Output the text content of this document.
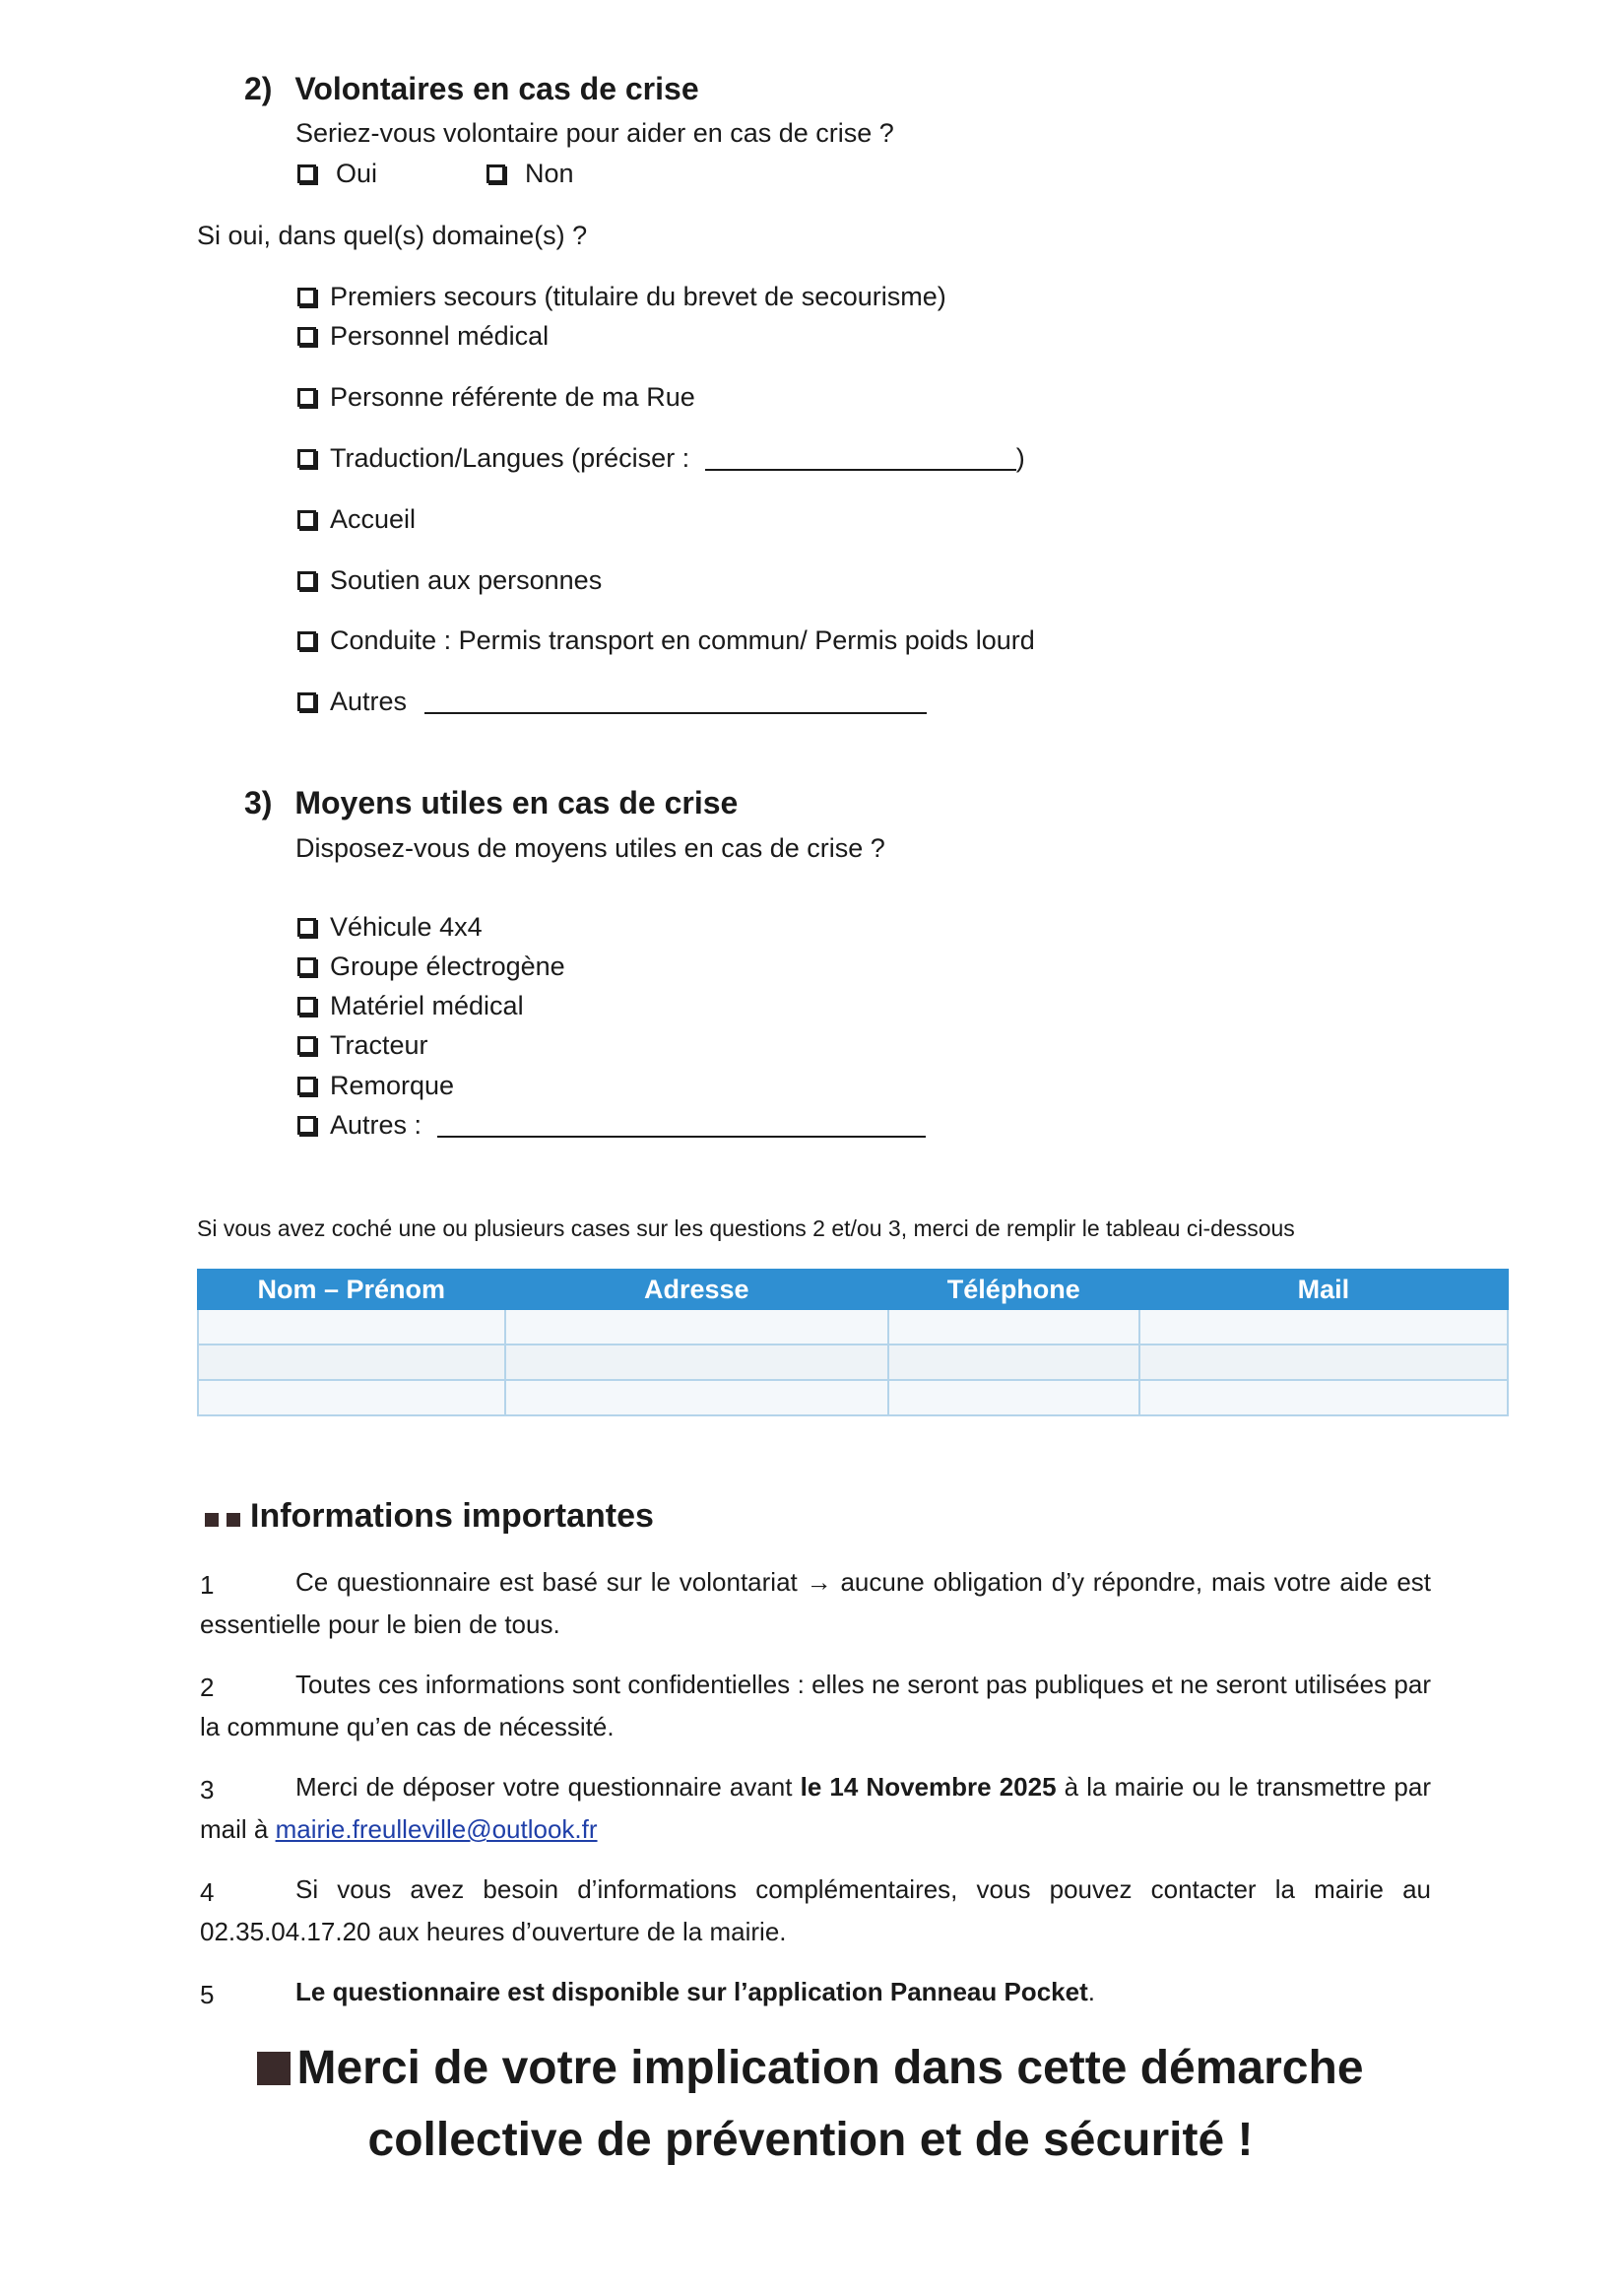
2) Volontaires en cas de crise
Seriez-vous volontaire pour aider en cas de crise ?
Oui	Non
Si oui, dans quel(s) domaine(s) ?
Premiers secours (titulaire du brevet de secourisme)
Personnel médical
Personne référente de ma Rue
Traduction/Langues (préciser :	)
Accueil
Soutien aux personnes
Conduite : Permis transport en commun/ Permis poids lourd
Autres
3) Moyens utiles en cas de crise
Disposez-vous de moyens utiles en cas de crise ?
Véhicule 4x4
Groupe électrogène
Matériel médical
Tracteur
Remorque
Autres :
Si vous avez coché une ou plusieurs cases sur les questions 2 et/ou 3, merci de remplir le tableau ci-dessous
Nom – Prénom	Adresse	Téléphone	Mail

Informations importantes
1	Ce questionnaire est basé sur le volontariat → aucune obligation d’y répondre, mais votre aide est essentielle pour le bien de tous.
2	Toutes ces informations sont confidentielles : elles ne seront pas publiques et ne seront utilisées par la commune qu’en cas de nécessité.
3	Merci de déposer votre questionnaire avant le 14 Novembre 2025 à la mairie ou le transmettre par mail à mairie.freulleville@outlook.fr
4	Si vous avez besoin d’informations complémentaires, vous pouvez contacter la mairie au 02.35.04.17.20 aux heures d’ouverture de la mairie.
5	Le questionnaire est disponible sur l’application Panneau Pocket.
Merci de votre implication dans cette démarche
collective de prévention et de sécurité !
